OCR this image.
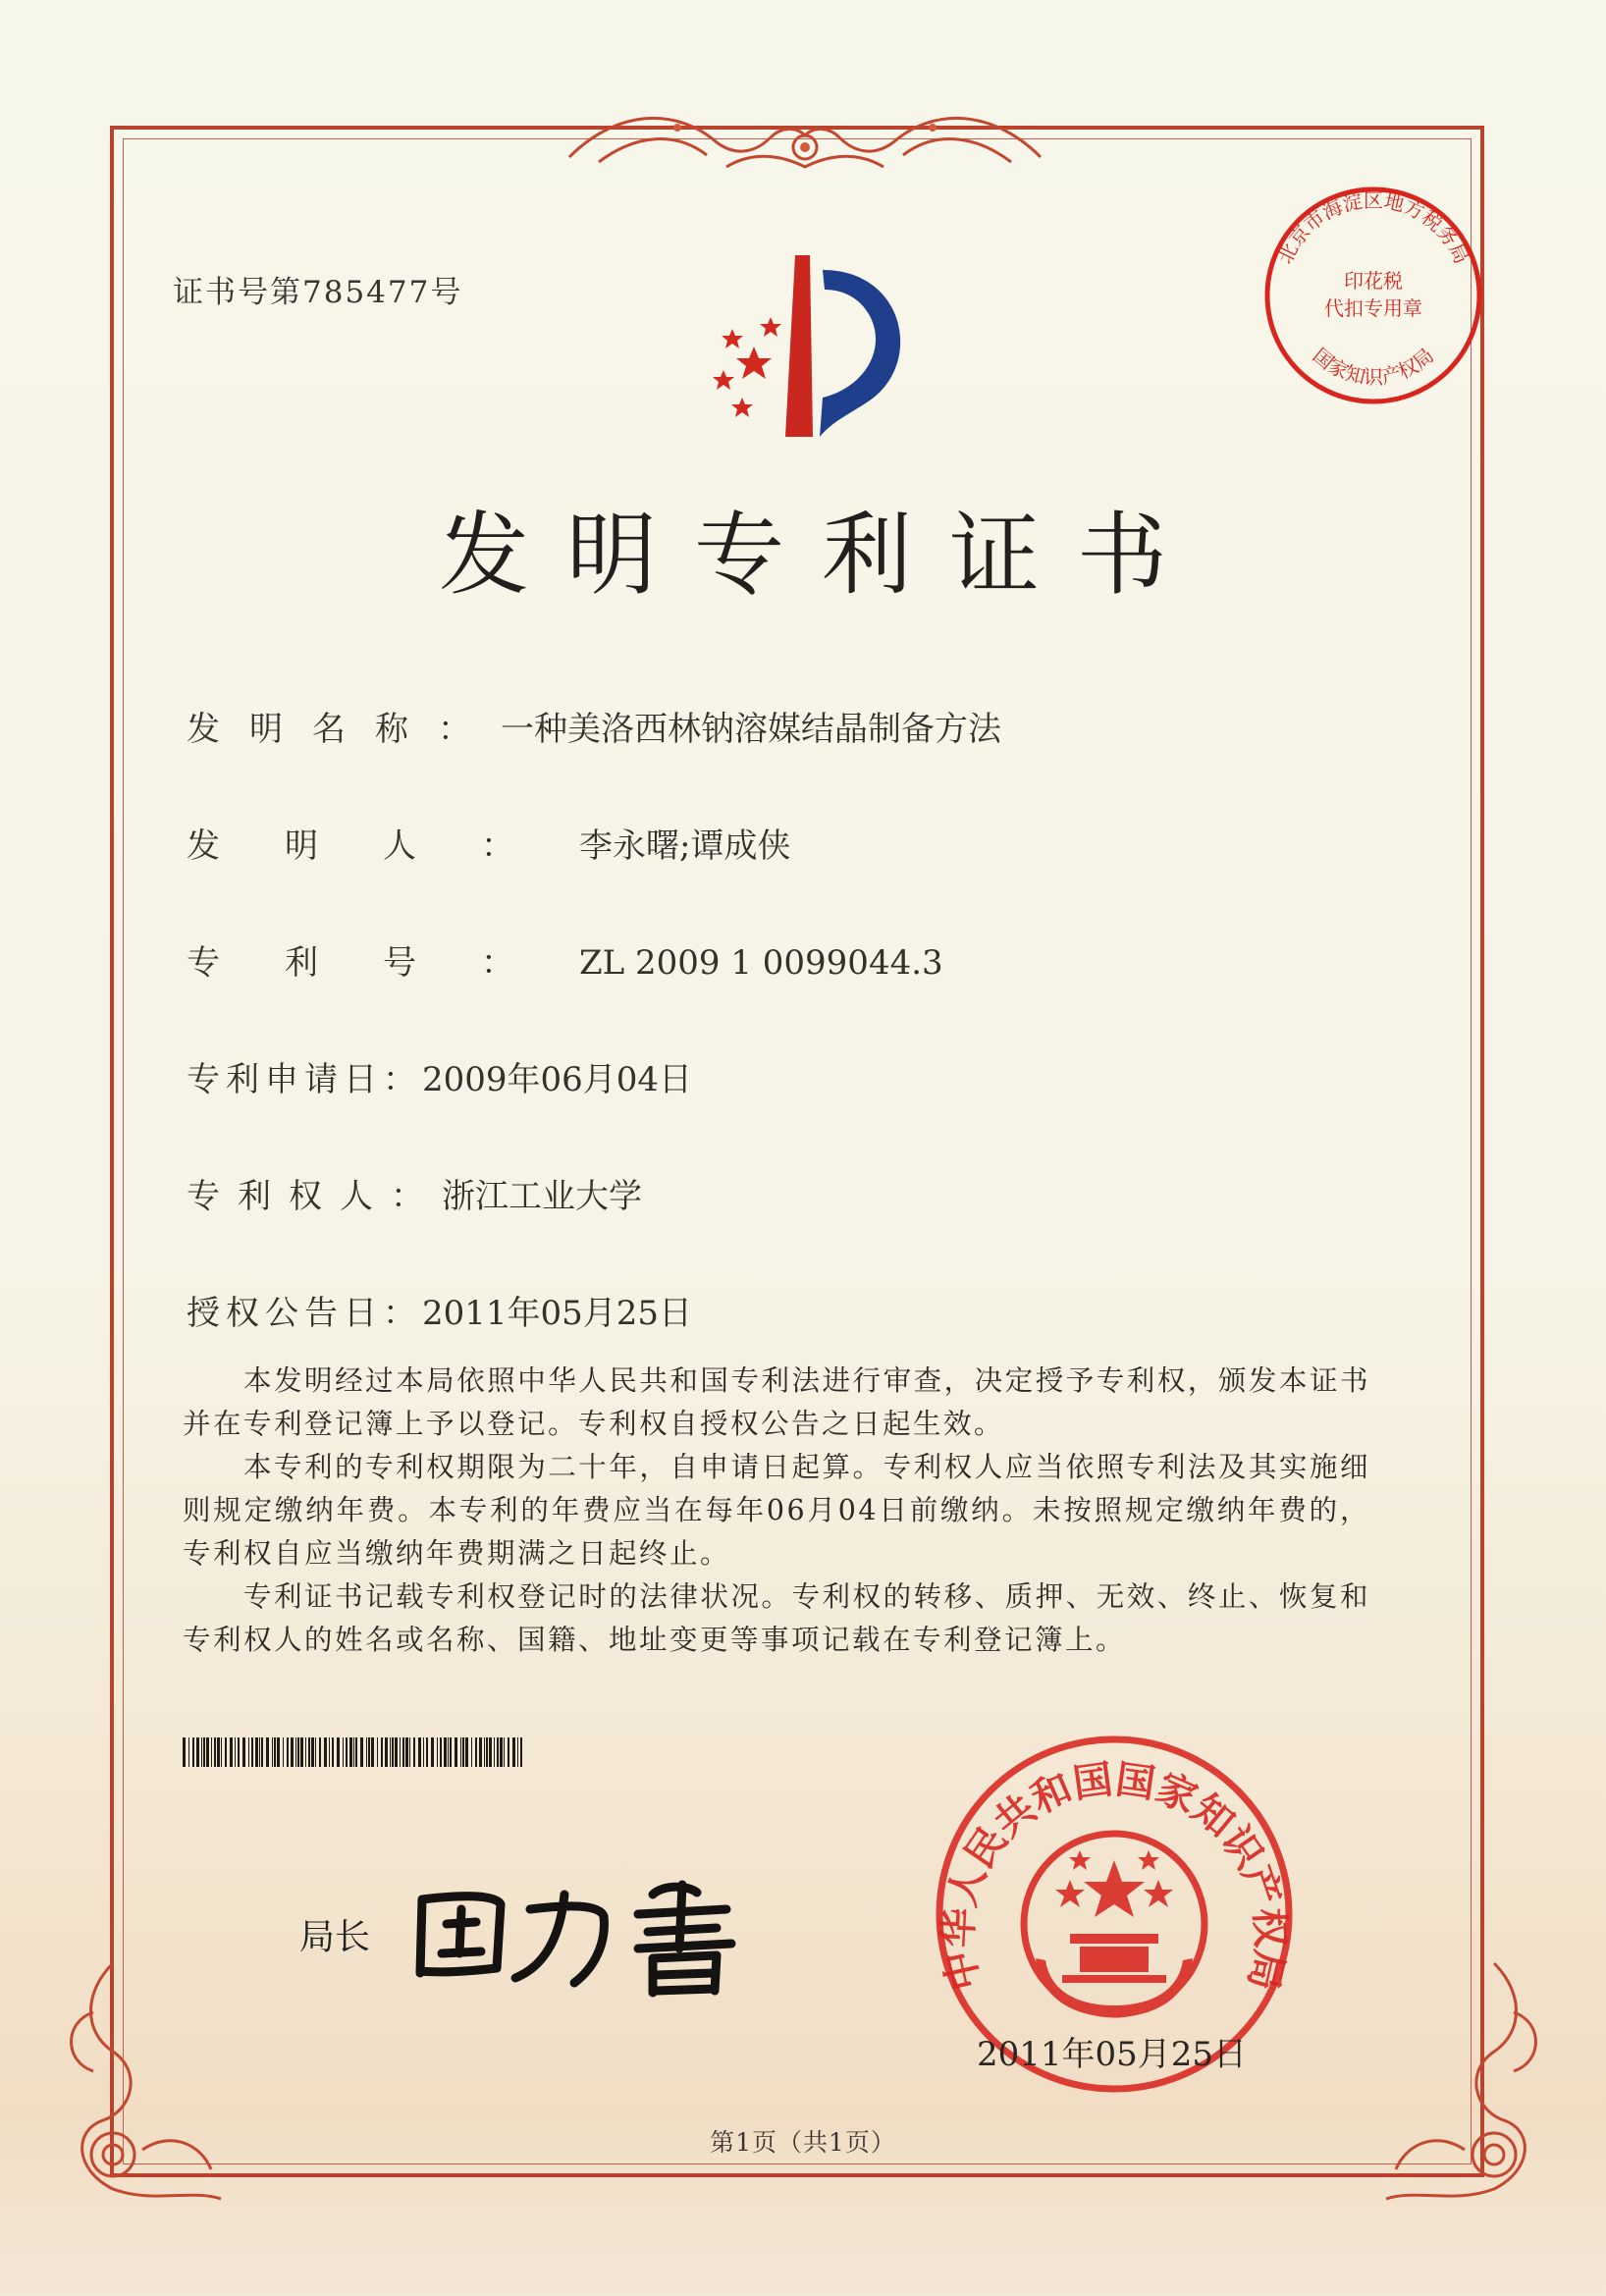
证书号第785477号
北京市海淀区地方税务局
国家知识产权局
印花税
代扣专用章
发明专利证书
发明名称：一种美洛西林钠溶媒结晶制备方法
发明人：李永曙;谭成侠
专利号：ZL 2009 1 0099044.3
专利申请日：2009年06月04日
专利权人：浙江工业大学
授权公告日：2011年05月25日

本发明经过本局依照中华人民共和国专利法进行审查，决定授予专利权，颁发本证书并在专利登记簿上予以登记。专利权自授权公告之日起生效。

本专利的专利权期限为二十年，自申请日起算。专利权人应当依照专利法及其实施细则规定缴纳年费。本专利的年费应当在每年06月04日前缴纳。未按照规定缴纳年费的，专利权自应当缴纳年费期满之日起终止。

专利证书记载专利权登记时的法律状况。专利权的转移、质押、无效、终止、恢复和专利权人的姓名或名称、国籍、地址变更等事项记载在专利登记簿上。

局长
中华人民共和国国家知识产权局
2011年05月25日
第1页（共1页）
